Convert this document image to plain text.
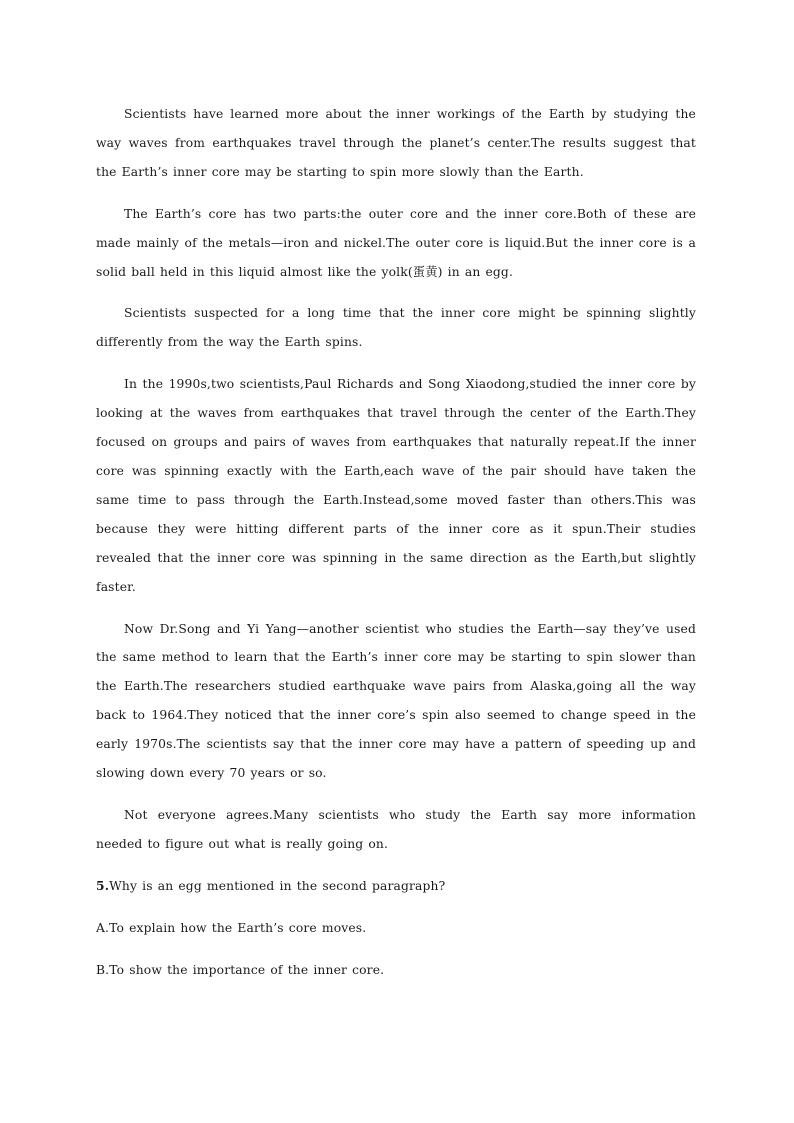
Scientists have learned more about the inner workings of the Earth by studying the way waves from earthquakes travel through the planet’s center.The results suggest that the Earth’s inner core may be starting to spin more slowly than the Earth.

The Earth’s core has two parts:the outer core and the inner core.Both of these are made mainly of the metals—iron and nickel.The outer core is liquid.But the inner core is a solid ball held in this liquid almost like the yolk(蛋黄) in an egg.

Scientists suspected for a long time that the inner core might be spinning slightly differently from the way the Earth spins.

In the 1990s,two scientists,Paul Richards and Song Xiaodong,studied the inner core by looking at the waves from earthquakes that travel through the center of the Earth.They focused on groups and pairs of waves from earthquakes that naturally repeat.If the inner core was spinning exactly with the Earth,each wave of the pair should have taken the same time to pass through the Earth.Instead,some moved faster than others.This was because they were hitting different parts of the inner core as it spun.Their studies revealed that the inner core was spinning in the same direction as the Earth,but slightly faster.

Now Dr.Song and Yi Yang—another scientist who studies the Earth—say they’ve used the same method to learn that the Earth’s inner core may be starting to spin slower than the Earth.The researchers studied earthquake wave pairs from Alaska,going all the way back to 1964.They noticed that the inner core’s spin also seemed to change speed in the early 1970s.The scientists say that the inner core may have a pattern of speeding up and slowing down every 70 years or so.

Not everyone agrees.Many scientists who study the Earth say more information needed to figure out what is really going on.

5.Why is an egg mentioned in the second paragraph?

A.To explain how the Earth’s core moves.

B.To show the importance of the inner core.
